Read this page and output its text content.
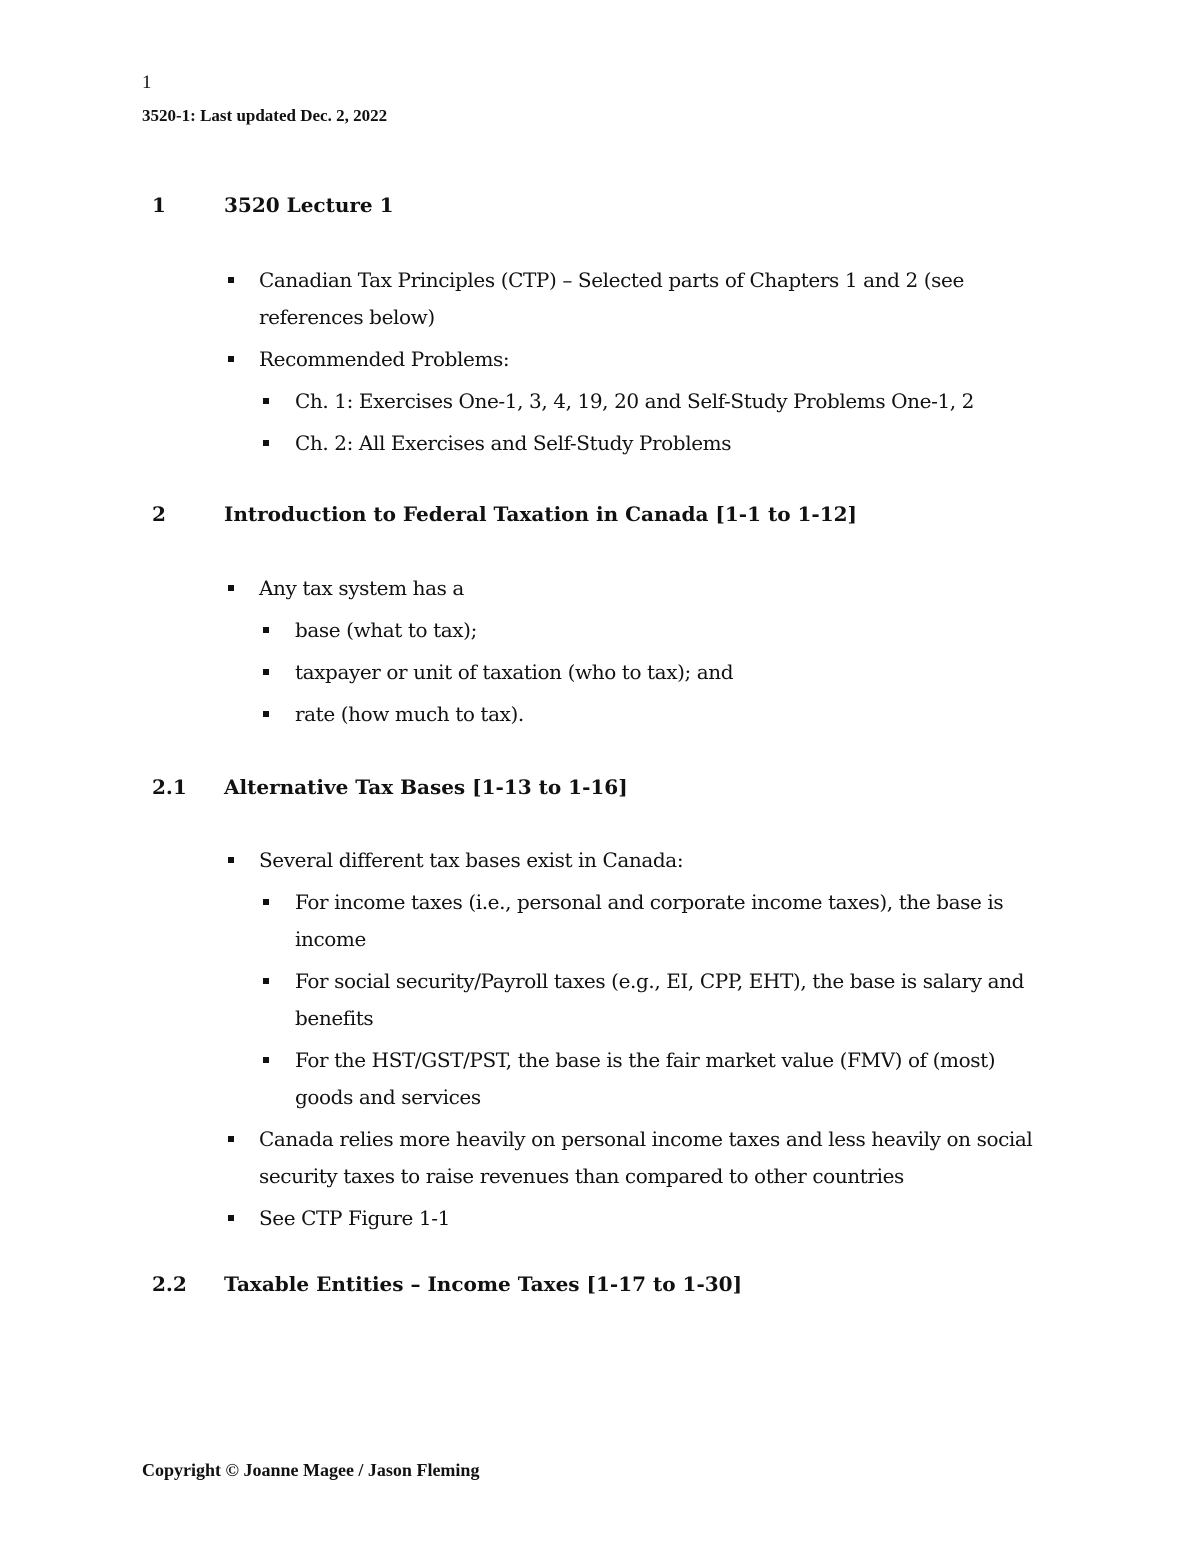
1
3520-1: Last updated Dec. 2, 2022
1	3520 Lecture 1
Canadian Tax Principles (CTP) – Selected parts of Chapters 1 and 2 (see references below)
Recommended Problems:
Ch. 1: Exercises One-1, 3, 4, 19, 20 and Self-Study Problems One-1, 2
Ch. 2: All Exercises and Self-Study Problems
2	Introduction to Federal Taxation in Canada [1-1 to 1-12]
Any tax system has a
base (what to tax);
taxpayer or unit of taxation (who to tax); and
rate (how much to tax).
2.1	Alternative Tax Bases [1-13 to 1-16]
Several different tax bases exist in Canada:
For income taxes (i.e., personal and corporate income taxes), the base is income
For social security/Payroll taxes (e.g., EI, CPP, EHT), the base is salary and benefits
For the HST/GST/PST, the base is the fair market value (FMV) of (most) goods and services
Canada relies more heavily on personal income taxes and less heavily on social security taxes to raise revenues than compared to other countries
See CTP Figure 1-1
2.2	Taxable Entities – Income Taxes [1-17 to 1-30]
Copyright © Joanne Magee / Jason Fleming
